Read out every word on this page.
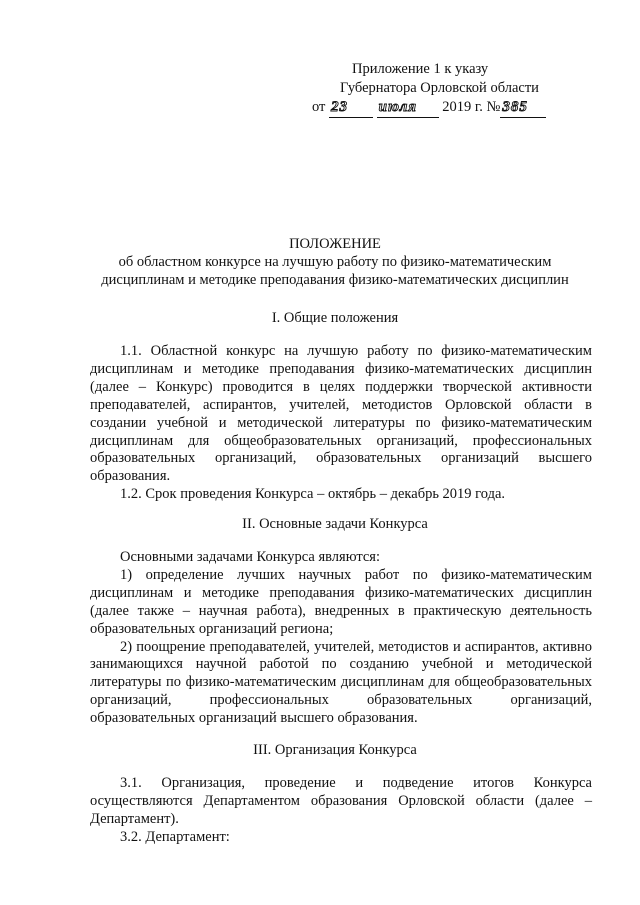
Приложение 1 к указу
Губернатора Орловской области
от 23 июля 2019 г. № 385
ПОЛОЖЕНИЕ
об областном конкурсе на лучшую работу по физико-математическим
дисциплинам и методике преподавания физико-математических дисциплин
I. Общие положения

1.1. Областной конкурс на лучшую работу по физико-математическим дисциплинам и методике преподавания физико-математических дисциплин (далее – Конкурс) проводится в целях поддержки творческой активности преподавателей, аспирантов, учителей, методистов Орловской области в создании учебной и методической литературы по физико-математическим дисциплинам для общеобразовательных организаций, профессиональных образовательных организаций, образовательных организаций высшего образования.

1.2. Срок проведения Конкурса – октябрь – декабрь 2019 года.

II. Основные задачи Конкурса

Основными задачами Конкурса являются:

1) определение лучших научных работ по физико-математическим дисциплинам и методике преподавания физико-математических дисциплин (далее также – научная работа), внедренных в практическую деятельность образовательных организаций региона;

2) поощрение преподавателей, учителей, методистов и аспирантов, активно занимающихся научной работой по созданию учебной и методической литературы по физико-математическим дисциплинам для общеобразовательных организаций, профессиональных образовательных организаций, образовательных организаций высшего образования.

III. Организация Конкурса

3.1. Организация, проведение и подведение итогов Конкурса осуществляются Департаментом образования Орловской области (далее – Департамент).

3.2. Департамент:
